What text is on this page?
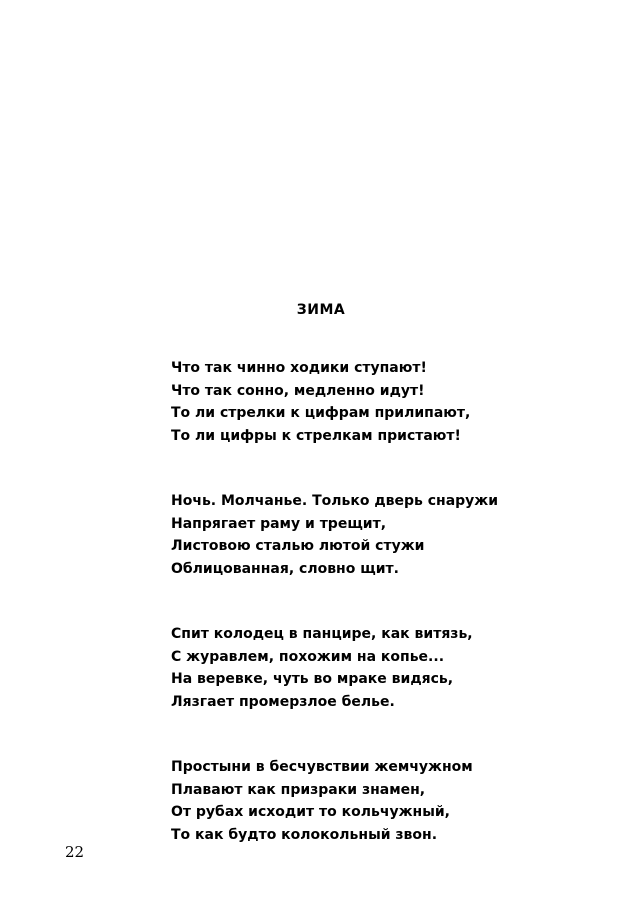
ЗИМА
Что так чинно ходики ступают!
Что так сонно, медленно идут!
То ли стрелки к цифрам прилипают,
То ли цифры к стрелкам пристают!
Ночь. Молчанье. Только дверь снаружи
Напрягает раму и трещит,
Листовою сталью лютой стужи
Облицованная, словно щит.
Спит колодец в панцире, как витязь,
С журавлем, похожим на копье...
На веревке, чуть во мраке видясь,
Лязгает промерзлое белье.
Простыни в бесчувствии жемчужном
Плавают как призраки знамен,
От рубах исходит то кольчужный,
То как будто колокольный звон.

22
